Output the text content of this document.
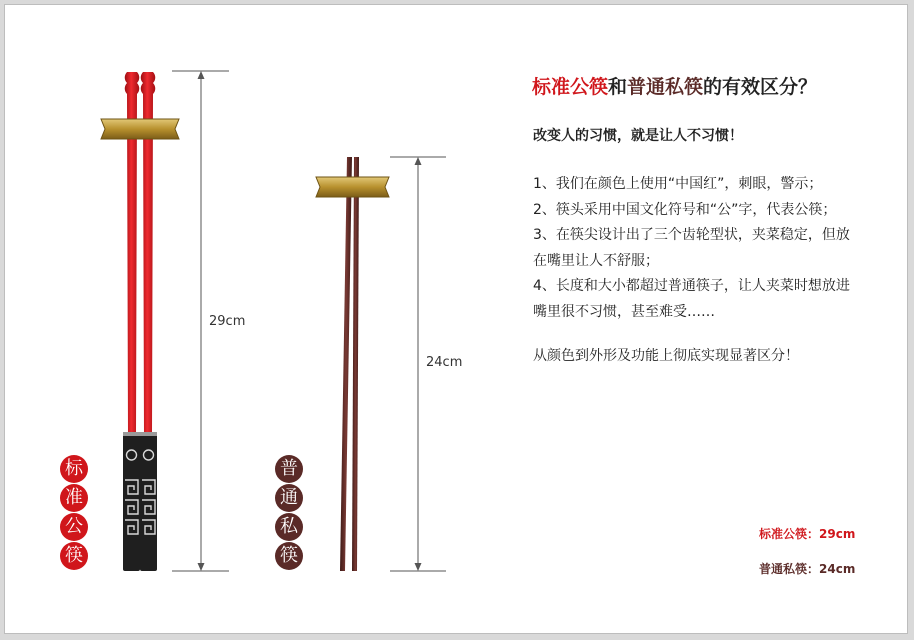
29cm
24cm
标
准
公
筷
普
通
私
筷
标准公筷和普通私筷的有效区分？
改变人的习惯，就是让人不习惯！
1、我们在颜色上使用“中国红”，刺眼，警示；
2、筷头采用中国文化符号和“公”字，代表公筷；
3、在筷尖设计出了三个齿轮型状，夹菜稳定，但放
在嘴里让人不舒服；
4、长度和大小都超过普通筷子，让人夹菜时想放进
嘴里很不习惯，甚至难受……
从颜色到外形及功能上彻底实现显著区分！
标准公筷：29cm
普通私筷：24cm
